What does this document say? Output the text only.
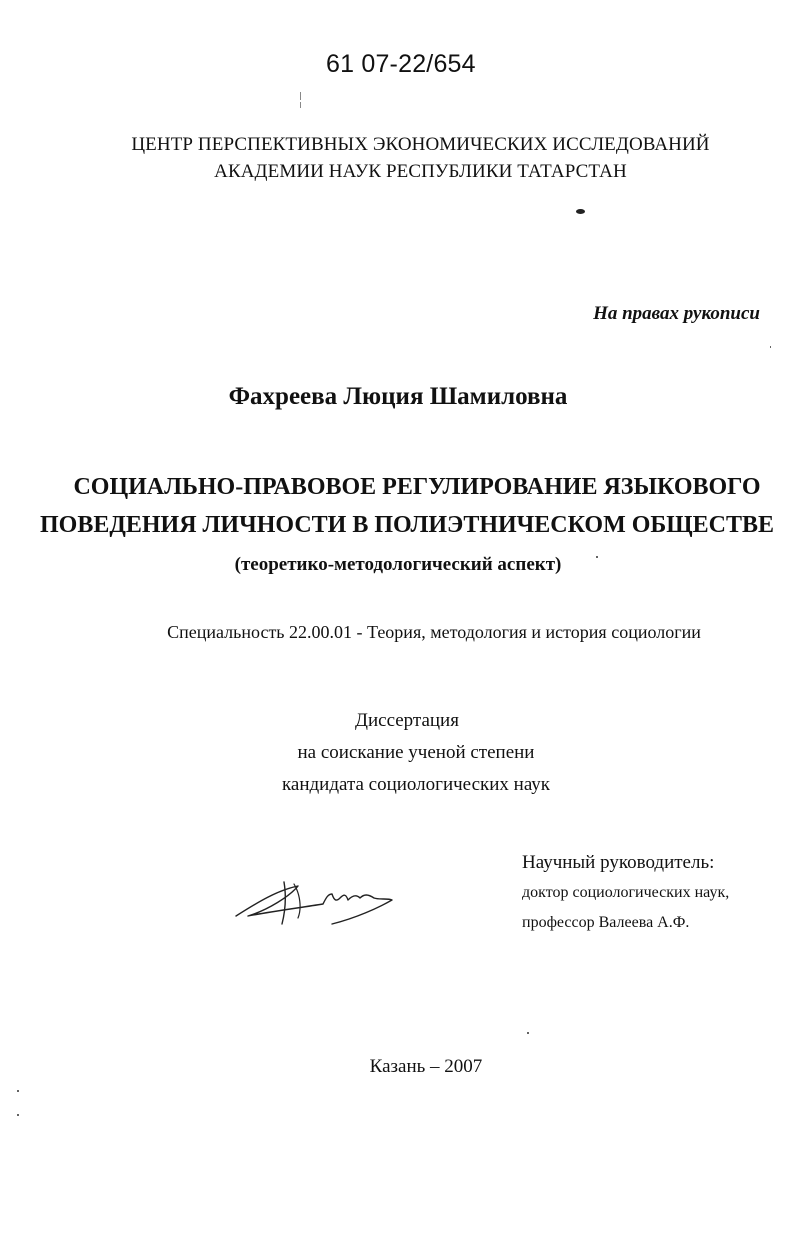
61 07-22/654
ЦЕНТР ПЕРСПЕКТИВНЫХ ЭКОНОМИЧЕСКИХ ИССЛЕДОВАНИЙ
АКАДЕМИИ НАУК РЕСПУБЛИКИ ТАТАРСТАН
На правах рукописи
Фахреева Люция Шамиловна
СОЦИАЛЬНО-ПРАВОВОЕ РЕГУЛИРОВАНИЕ ЯЗЫКОВОГО
ПОВЕДЕНИЯ ЛИЧНОСТИ В ПОЛИЭТНИЧЕСКОМ ОБЩЕСТВЕ
(теоретико-методологический аспект)
Специальность 22.00.01 - Теория, методология и история социологии
Диссертация
на соискание ученой степени
кандидата социологических наук
Научный руководитель:
доктор социологических наук,
профессор Валеева А.Ф.
Казань – 2007
